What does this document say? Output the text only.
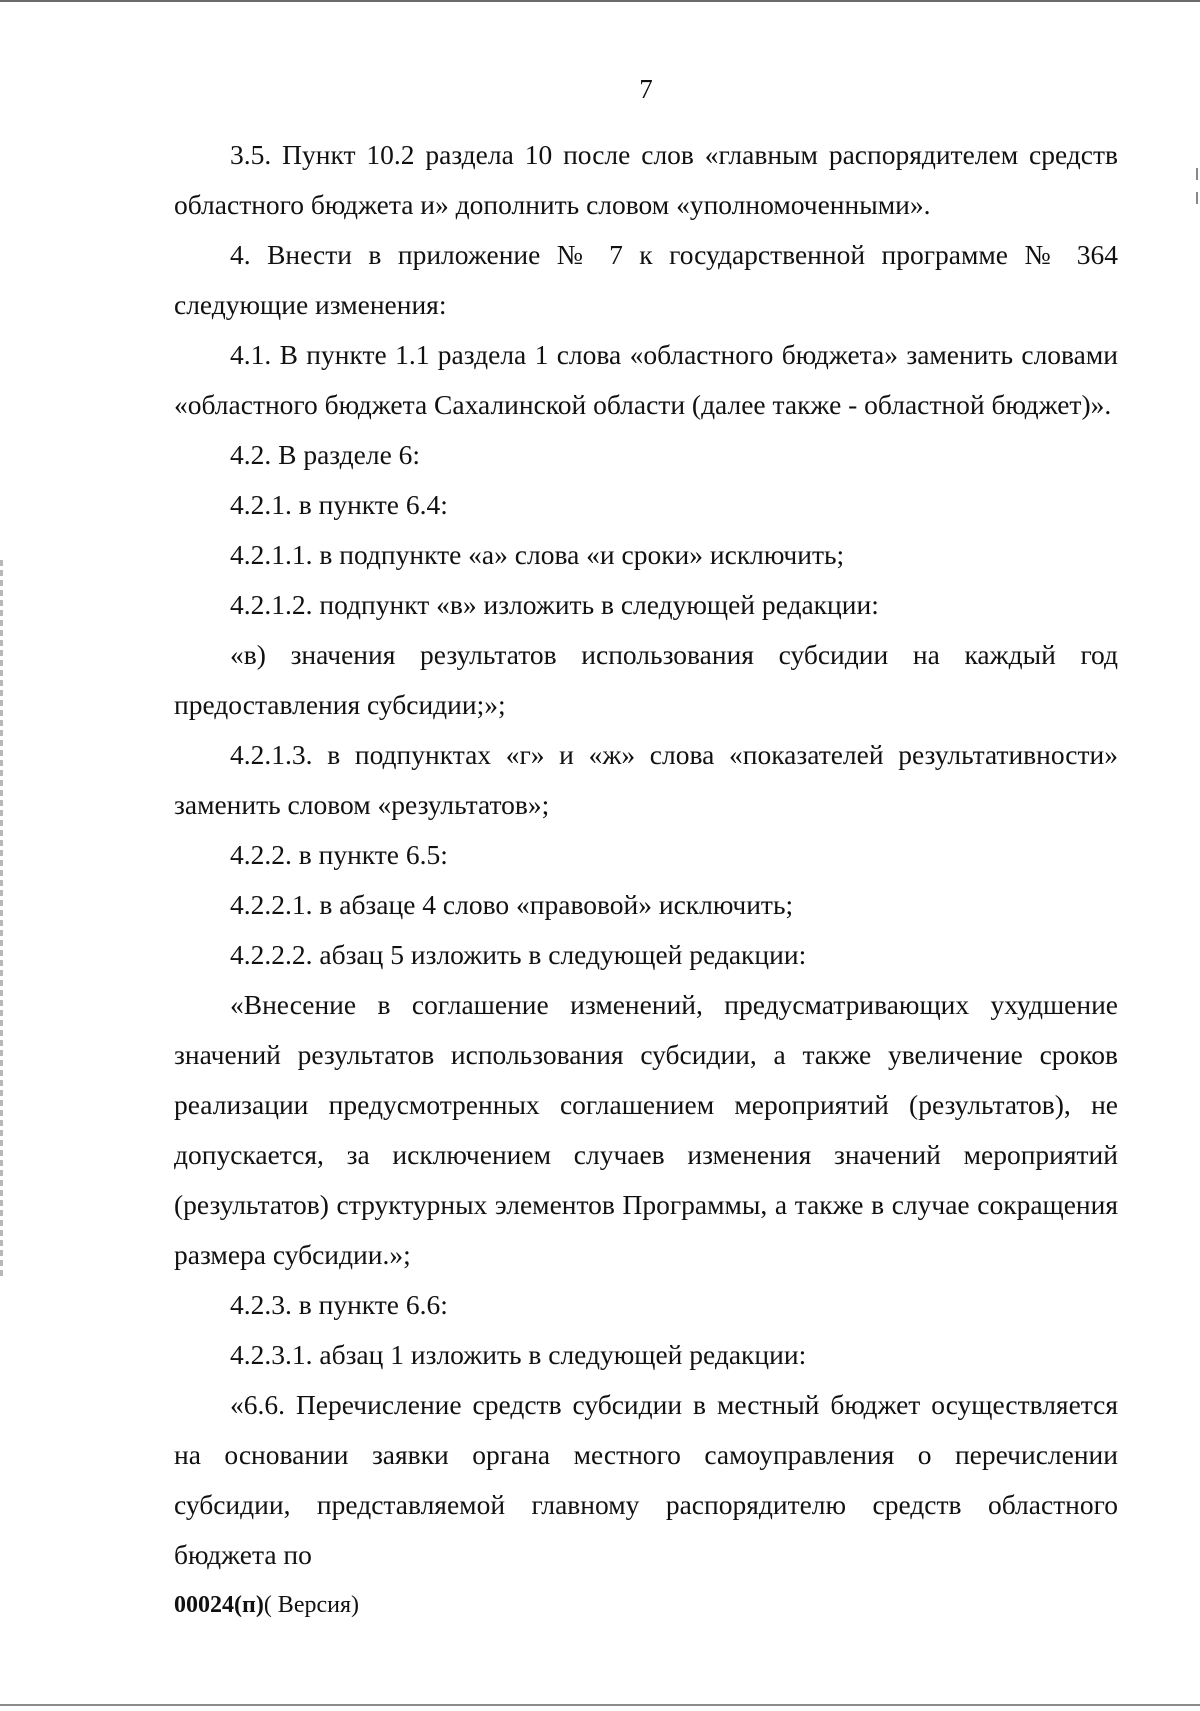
7

3.5. Пункт 10.2 раздела 10 после слов «главным распорядителем средств областного бюджета и» дополнить словом «уполномоченными».

4. Внести в приложение № 7 к государственной программе № 364 следующие изменения:

4.1. В пункте 1.1 раздела 1 слова «областного бюджета» заменить словами «областного бюджета Сахалинской области (далее также - областной бюджет)».

4.2. В разделе 6:

4.2.1. в пункте 6.4:

4.2.1.1. в подпункте «а» слова «и сроки» исключить;

4.2.1.2. подпункт «в» изложить в следующей редакции:

«в) значения результатов использования субсидии на каждый год предоставления субсидии;»;

4.2.1.3. в подпунктах «г» и «ж» слова «показателей результативности» заменить словом «результатов»;

4.2.2. в пункте 6.5:

4.2.2.1. в абзаце 4 слово «правовой» исключить;

4.2.2.2. абзац 5 изложить в следующей редакции:

«Внесение в соглашение изменений, предусматривающих ухудшение значений результатов использования субсидии, а также увеличение сроков реализации предусмотренных соглашением мероприятий (результатов), не допускается, за исключением случаев изменения значений мероприятий (результатов) структурных элементов Программы, а также в случае сокращения размера субсидии.»;

4.2.3. в пункте 6.6:

4.2.3.1. абзац 1 изложить в следующей редакции:

«6.6. Перечисление средств субсидии в местный бюджет осуществляется на основании заявки органа местного самоуправления о перечислении субсидии, представляемой главному распорядителю средств областного бюджета по

00024(п)( Версия)
